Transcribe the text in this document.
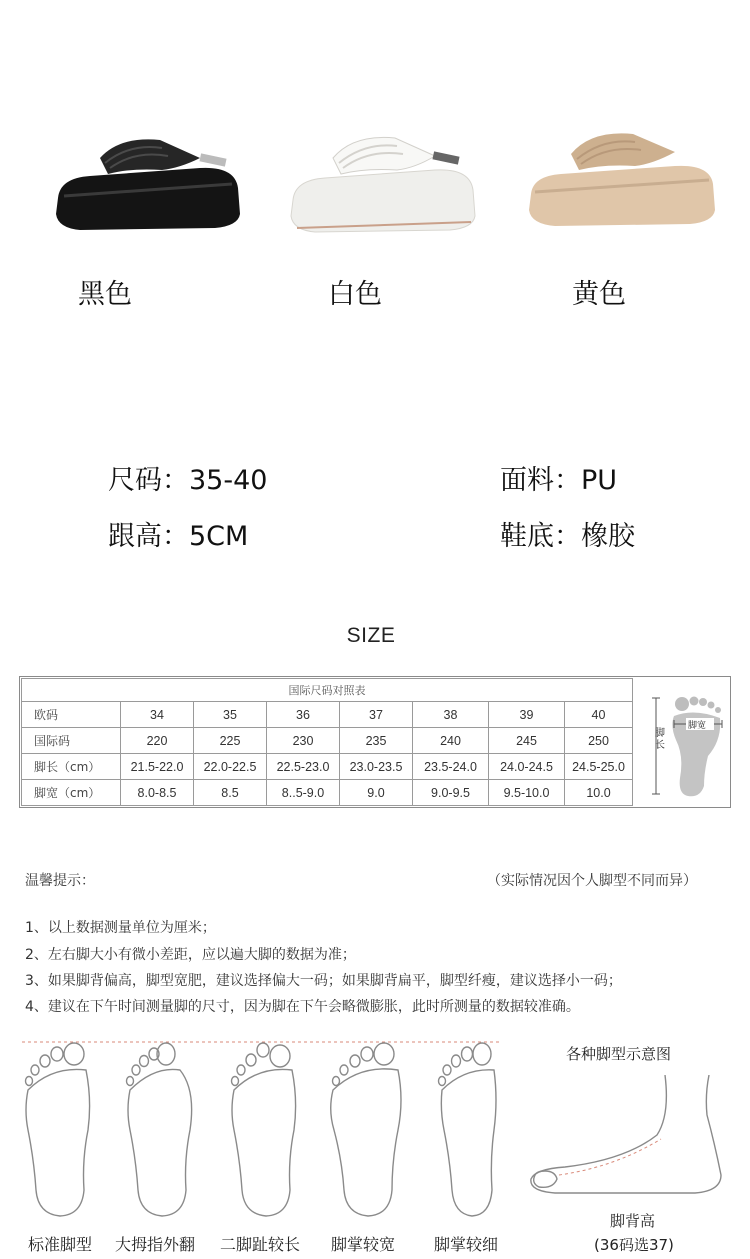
黑色	白色	黄色
尺码：35-40	面料：PU
跟高：5CM	鞋底：橡胶
SIZE
国际尺码对照表							
欧码	34	35	36	37	38	39	40
国际码	220	225	230	235	240	245	250
脚长（cm）	21.5-22.0	22.0-22.5	22.5-23.0	23.0-23.5	23.5-24.0	24.0-24.5	24.5-25.0
脚宽（cm）	8.0-8.5	8.5	8..5-9.0	9.0	9.0-9.5	9.5-10.0	10.0
脚长
脚宽
温馨提示：	（实际情况因个人脚型不同而异）
1、以上数据测量单位为厘米；
2、左右脚大小有微小差距，应以遍大脚的数据为准；
3、如果脚背偏高，脚型宽肥，建议选择偏大一码；如果脚背扁平，脚型纤瘦，建议选择小一码；
4、建议在下午时间测量脚的尺寸，因为脚在下午会略微膨胀，此时所测量的数据较准确。
标准脚型 大拇指外翻 二脚趾较长 脚掌较宽 脚掌较细
各种脚型示意图
脚背高
(36码选37)
